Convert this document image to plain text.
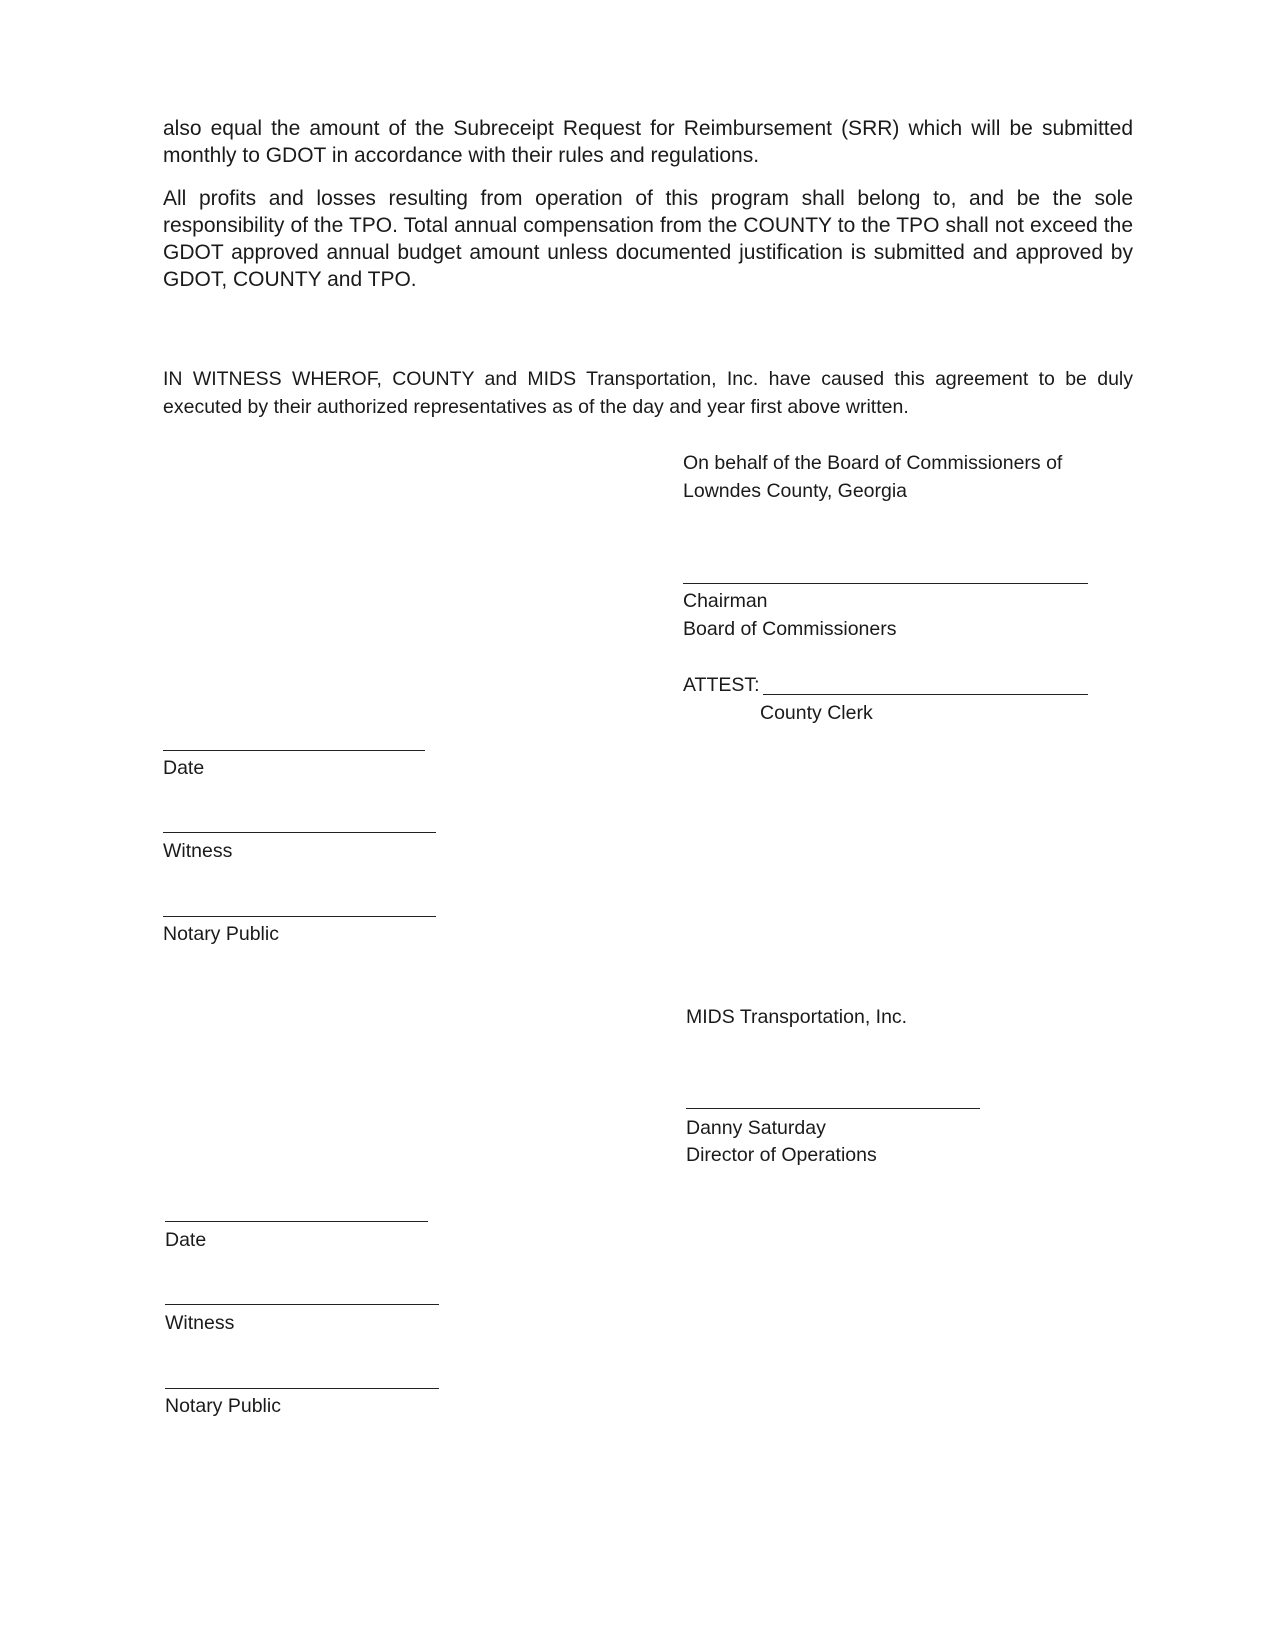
also equal the amount of the Subreceipt Request for Reimbursement (SRR) which will be submitted monthly to GDOT in accordance with their rules and regulations.

All profits and losses resulting from operation of this program shall belong to, and be the sole responsibility of the TPO. Total annual compensation from the COUNTY to the TPO shall not exceed the GDOT approved annual budget amount unless documented justification is submitted and approved by GDOT, COUNTY and TPO.

IN WITNESS WHEROF, COUNTY and MIDS Transportation, Inc. have caused this agreement to be duly executed by their authorized representatives as of the day and year first above written.

On behalf of the Board of Commissioners of

Lowndes County, Georgia

Chairman

Board of Commissioners

ATTEST:

County Clerk

Date

Witness

Notary Public

MIDS Transportation, Inc.

Danny Saturday

Director of Operations

Date

Witness

Notary Public
